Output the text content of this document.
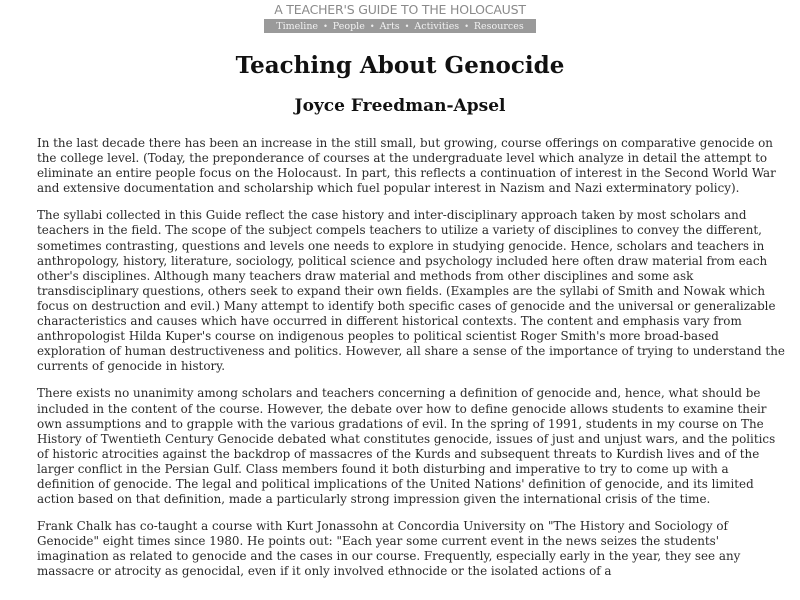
A TEACHER'S GUIDE TO THE HOLOCAUST
Timeline • People • Arts • Activities • Resources
Teaching About Genocide
Joyce Freedman-Apsel

In the last decade there has been an increase in the still small, but growing, course offerings on comparative genocide on the college level. (Today, the preponderance of courses at the undergraduate level which analyze in detail the attempt to eliminate an entire people focus on the Holocaust. In part, this reflects a continuation of interest in the Second World War and extensive documentation and scholarship which fuel popular interest in Nazism and Nazi exterminatory policy).

The syllabi collected in this Guide reflect the case history and inter-disciplinary approach taken by most scholars and teachers in the field. The scope of the subject compels teachers to utilize a variety of disciplines to convey the different, sometimes contrasting, questions and levels one needs to explore in studying genocide. Hence, scholars and teachers in anthropology, history, literature, sociology, political science and psychology included here often draw material from each other's disciplines. Although many teachers draw material and methods from other disciplines and some ask transdisciplinary questions, others seek to expand their own fields. (Examples are the syllabi of Smith and Nowak which focus on destruction and evil.) Many attempt to identify both specific cases of genocide and the universal or generalizable characteristics and causes which have occurred in different historical contexts. The content and emphasis vary from anthropologist Hilda Kuper's course on indigenous peoples to political scientist Roger Smith's more broad-based exploration of human destructiveness and politics. However, all share a sense of the importance of trying to understand the currents of genocide in history.

There exists no unanimity among scholars and teachers concerning a definition of genocide and, hence, what should be included in the content of the course. However, the debate over how to define genocide allows students to examine their own assumptions and to grapple with the various gradations of evil. In the spring of 1991, students in my course on The History of Twentieth Century Genocide debated what constitutes genocide, issues of just and unjust wars, and the politics of historic atrocities against the backdrop of massacres of the Kurds and subsequent threats to Kurdish lives and of the larger conflict in the Persian Gulf. Class members found it both disturbing and imperative to try to come up with a definition of genocide. The legal and political implications of the United Nations' definition of genocide, and its limited action based on that definition, made a particularly strong impression given the international crisis of the time.

Frank Chalk has co-taught a course with Kurt Jonassohn at Concordia University on "The History and Sociology of Genocide" eight times since 1980. He points out: "Each year some current event in the news seizes the students' imagination as related to genocide and the cases in our course. Frequently, especially early in the year, they see any massacre or atrocity as genocidal, even if it only involved ethnocide or the isolated actions of a
